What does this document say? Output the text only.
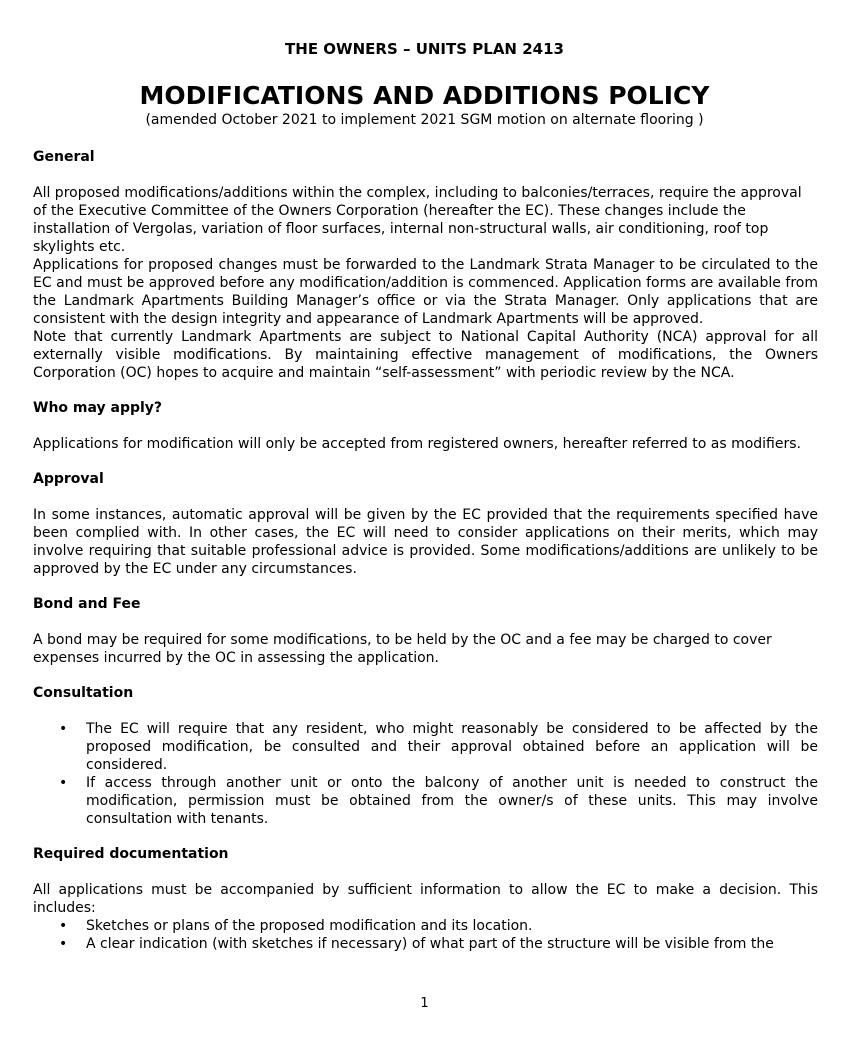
THE OWNERS – UNITS PLAN 2413
MODIFICATIONS AND ADDITIONS POLICY
(amended October 2021 to implement 2021 SGM motion on alternate flooring )

General

All proposed modifications/additions within the complex, including to balconies/terraces, require the approval of the Executive Committee of the Owners Corporation (hereafter the EC). These changes include the installation of Vergolas, variation of floor surfaces, internal non-structural walls, air conditioning, roof top skylights etc.

Applications for proposed changes must be forwarded to the Landmark Strata Manager to be circulated to the EC and must be approved before any modification/addition is commenced. Application forms are available from the Landmark Apartments Building Manager’s office or via the Strata Manager. Only applications that are consistent with the design integrity and appearance of Landmark Apartments will be approved.

Note that currently Landmark Apartments are subject to National Capital Authority (NCA) approval for all externally visible modifications. By maintaining effective management of modifications, the Owners Corporation (OC) hopes to acquire and maintain “self-assessment” with periodic review by the NCA.

Who may apply?

Applications for modification will only be accepted from registered owners, hereafter referred to as modifiers.

Approval

In some instances, automatic approval will be given by the EC provided that the requirements specified have been complied with. In other cases, the EC will need to consider applications on their merits, which may involve requiring that suitable professional advice is provided. Some modifications/additions are unlikely to be approved by the EC under any circumstances.

Bond and Fee

A bond may be required for some modifications, to be held by the OC and a fee may be charged to cover expenses incurred by the OC in assessing the application.

Consultation

• The EC will require that any resident, who might reasonably be considered to be affected by the proposed modification, be consulted and their approval obtained before an application will be considered.
• If access through another unit or onto the balcony of another unit is needed to construct the modification, permission must be obtained from the owner/s of these units. This may involve consultation with tenants.

Required documentation

All applications must be accompanied by sufficient information to allow the EC to make a decision. This includes:

• Sketches or plans of the proposed modification and its location.
• A clear indication (with sketches if necessary) of what part of the structure will be visible from the
1
